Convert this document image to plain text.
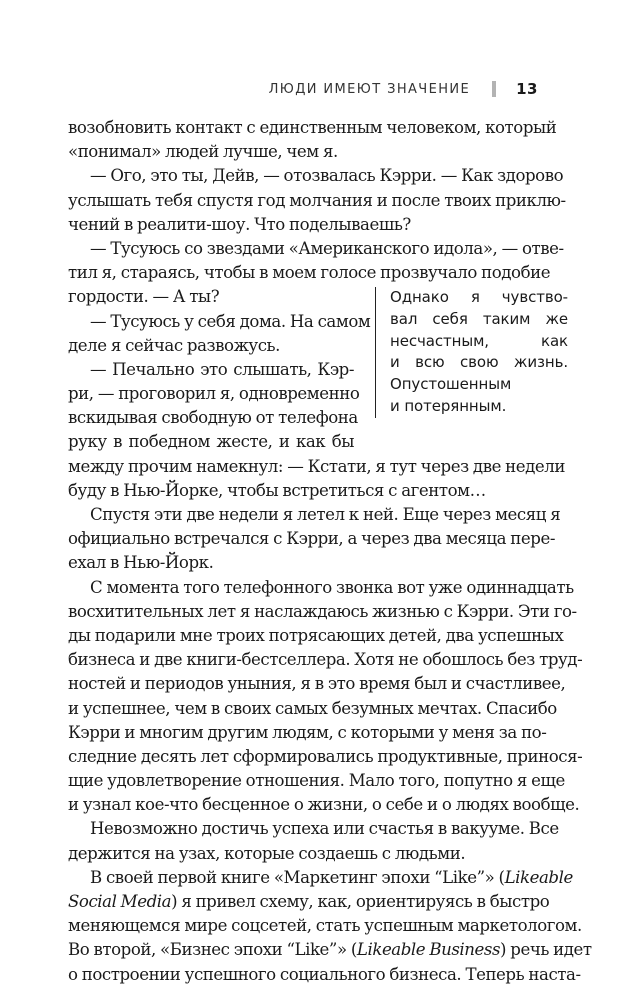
ЛЮДИ ИМЕЮТ ЗНАЧЕНИЕ	13
возобновить контакт с единственным человеком, который
«понимал» людей лучше, чем я.
— Ого, это ты, Дейв, — отозвалась Кэрри. — Как здорово
услышать тебя спустя год молчания и после твоих приклю-
чений в реалити-шоу. Что поделываешь?
— Тусуюсь со звездами «Американского идола», — отве-
тил я, стараясь, чтобы в моем голосе прозвучало подобие
гордости. — А ты?
— Тусуюсь у себя дома. На самом
деле я сейчас развожусь.
— Печально это слышать, Кэр-
ри, — проговорил я, одновременно
вскидывая свободную от телефона
руку в победном жесте, и как бы
между прочим намекнул: — Кстати, я тут через две недели
буду в Нью-Йорке, чтобы встретиться с агентом…
Спустя эти две недели я летел к ней. Еще через месяц я
официально встречался с Кэрри, а через два месяца пере-
ехал в Нью-Йорк.
С момента того телефонного звонка вот уже одиннадцать
восхитительных лет я наслаждаюсь жизнью с Кэрри. Эти го-
ды подарили мне троих потрясающих детей, два успешных
бизнеса и две книги-бестселлера. Хотя не обошлось без труд-
ностей и периодов уныния, я в это время был и счастливее,
и успешнее, чем в своих самых безумных мечтах. Спасибо
Кэрри и многим другим людям, с которыми у меня за по-
следние десять лет сформировались продуктивные, принося-
щие удовлетворение отношения. Мало того, попутно я еще
и узнал кое-что бесценное о жизни, о себе и о людях вообще.
Невозможно достичь успеха или счастья в вакууме. Все
держится на узах, которые создаешь с людьми.
В своей первой книге «Маркетинг эпохи “Like”» (Likeable
Social Media) я привел схему, как, ориентируясь в быстро
меняющемся мире соцсетей, стать успешным маркетологом.
Во второй, «Бизнес эпохи “Like”» (Likeable Business) речь идет
о построении успешного социального бизнеса. Теперь наста-
Однако я чувство-
вал себя таким же
несчастным, как
и всю свою жизнь.
Опустошенным
и потерянным.
